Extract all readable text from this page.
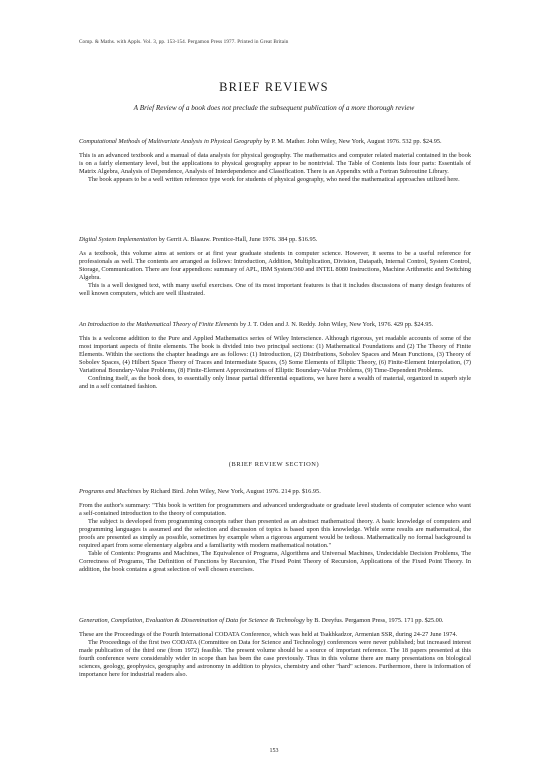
Comp. & Maths. with Appls. Vol. 3, pp. 153-154. Pergamon Press 1977. Printed in Great Britain
BRIEF REVIEWS
A Brief Review of a book does not preclude the subsequent publication of a more thorough review
Computational Methods of Multivariate Analysis in Physical Geography by P. M. Mather. John Wiley, New York, August 1976. 532 pp. $24.95.

This is an advanced textbook and a manual of data analysis for physical geography. The mathematics and computer related material contained in the book is on a fairly elementary level, but the applications to physical geography appear to be nontrivial. The Table of Contents lists four parts: Essentials of Matrix Algebra, Analysis of Dependence, Analysis of Interdependence and Classification. There is an Appendix with a Fortran Subroutine Library.

The book appears to be a well written reference type work for students of physical geography, who need the mathematical approaches utilized here.

Digital System Implementation by Gerrit A. Blaauw. Prentice-Hall, June 1976. 384 pp. $16.95.

As a textbook, this volume aims at seniors or at first year graduate students in computer science. However, it seems to be a useful reference for professionals as well. The contents are arranged as follows: Introduction, Addition, Multiplication, Division, Datapath, Internal Control, System Control, Storage, Communication. There are four appendices: summary of APL, IBM System/360 and INTEL 8080 Instructions, Machine Arithmetic and Switching Algebra.

This is a well designed text, with many useful exercises. One of its most important features is that it includes discussions of many design features of well known computers, which are well illustrated.

An Introduction to the Mathematical Theory of Finite Elements by J. T. Oden and J. N. Reddy. John Wiley, New York, 1976. 429 pp. $24.95.

This is a welcome addition to the Pure and Applied Mathematics series of Wiley Interscience. Although rigorous, yet readable accounts of some of the most important aspects of finite elements. The book is divided into two principal sections: (1) Mathematical Foundations and (2) The Theory of Finite Elements. Within the sections the chapter headings are as follows: (1) Introduction, (2) Distributions, Sobolev Spaces and Mean Functions, (3) Theory of Sobolev Spaces, (4) Hilbert Space Theory of Traces and Intermediate Spaces, (5) Some Elements of Elliptic Theory, (6) Finite-Element Interpolation, (7) Variational Boundary-Value Problems, (8) Finite-Element Approximations of Elliptic Boundary-Value Problems, (9) Time-Dependent Problems.

Confining itself, as the book does, to essentially only linear partial differential equations, we have here a wealth of material, organized in superb style and in a self contained fashion.

(BRIEF REVIEW SECTION)
Programs and Machines by Richard Bird. John Wiley, New York, August 1976. 214 pp. $16.95.

From the author's summary: "This book is written for programmers and advanced undergraduate or graduate level students of computer science who want a self-contained introduction to the theory of computation.

The subject is developed from programming concepts rather than presented as an abstract mathematical theory. A basic knowledge of computers and programming languages is assumed and the selection and discussion of topics is based upon this knowledge. While some results are mathematical, the proofs are presented as simply as possible, sometimes by example when a rigorous argument would be tedious. Mathematically no formal background is required apart from some elementary algebra and a familiarity with modern mathematical notation."

Table of Contents: Programs and Machines, The Equivalence of Programs, Algorithms and Universal Machines, Undecidable Decision Problems, The Correctness of Programs, The Definition of Functions by Recursion, The Fixed Point Theory of Recursion, Applications of the Fixed Point Theory. In addition, the book contains a great selection of well chosen exercises.

Generation, Compilation, Evaluation & Dissemination of Data for Science & Technology by B. Dreyfus. Pergamon Press, 1975. 171 pp. $25.00.

These are the Proceedings of the Fourth International CODATA Conference, which was held at Tsakhkadzor, Armenian SSR, during 24-27 June 1974.

The Proceedings of the first two CODATA (Committee on Data for Science and Technology) conferences were never published; but increased interest made publication of the third one (from 1972) feasible. The present volume should be a source of important reference. The 18 papers presented at this fourth conference were considerably wider in scope than has been the case previously. Thus in this volume there are many presentations on biological sciences, geology, geophysics, geography and astronomy in addition to physics, chemistry and other "hard" sciences. Furthermore, there is information of importance here for industrial readers also.

153
